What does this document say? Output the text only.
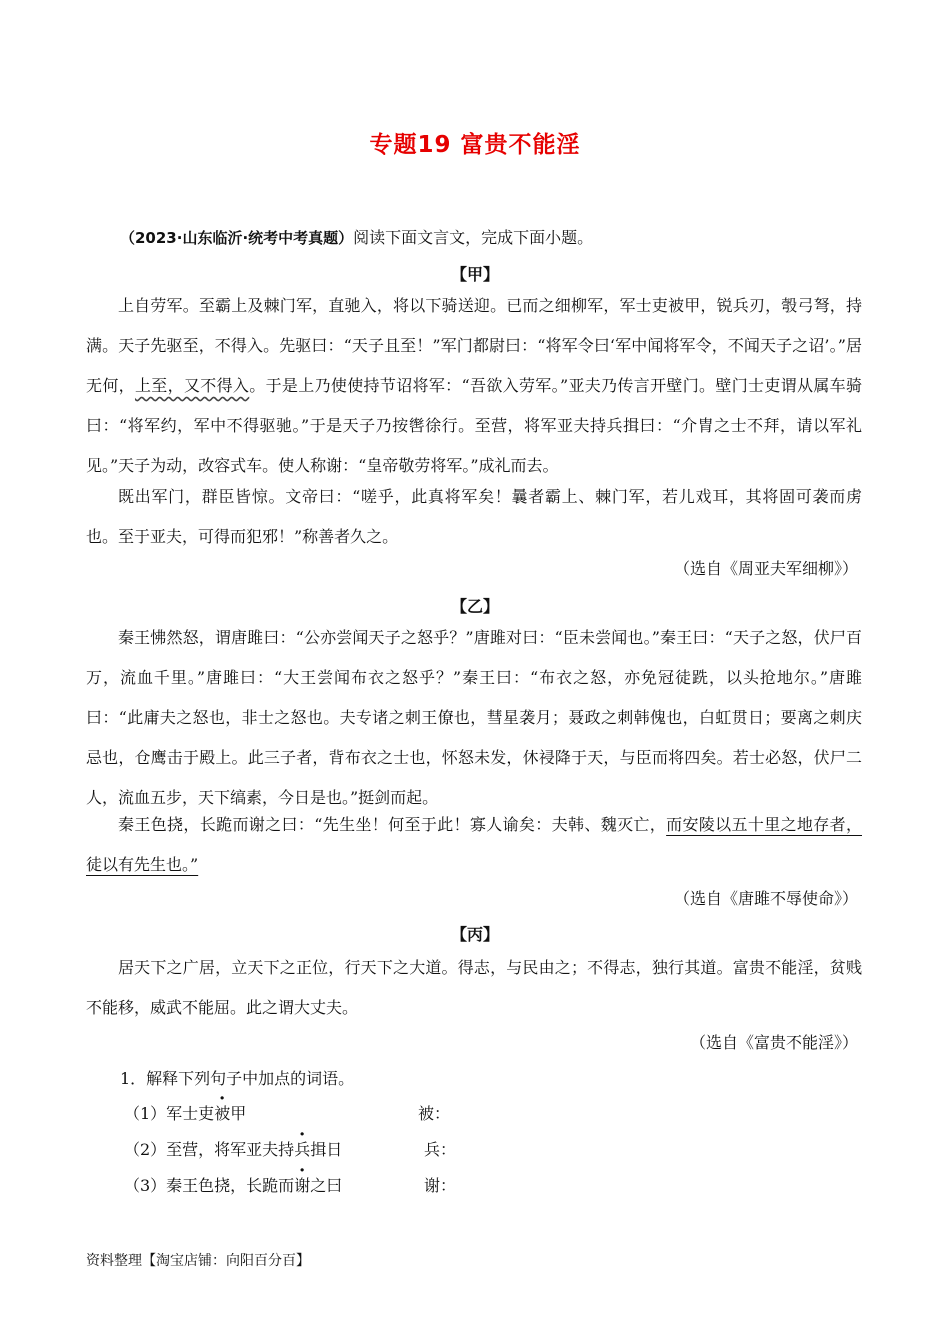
专题19 富贵不能淫
（2023·山东临沂·统考中考真题）阅读下面文言文，完成下面小题。
【甲】
上自劳军。至霸上及棘门军，直驰入，将以下骑送迎。已而之细柳军，军士吏被甲，锐兵刃，彀弓弩，持满。天子先驱至，不得入。先驱曰：“天子且至！”军门都尉曰：“将军令曰‘军中闻将军令，不闻天子之诏’。”居无何，上至，又不得入。于是上乃使使持节诏将军：“吾欲入劳军。”亚夫乃传言开壁门。壁门士吏谓从属车骑曰：“将军约，军中不得驱驰。”于是天子乃按辔徐行。至营，将军亚夫持兵揖曰：“介胄之士不拜，请以军礼见。”天子为动，改容式车。使人称谢：“皇帝敬劳将军。”成礼而去。
既出军门，群臣皆惊。文帝曰：“嗟乎，此真将军矣！曩者霸上、棘门军，若儿戏耳，其将固可袭而虏也。至于亚夫，可得而犯邪！”称善者久之。
（选自《周亚夫军细柳》）
【乙】
秦王怫然怒，谓唐雎曰：“公亦尝闻天子之怒乎？”唐雎对曰：“臣未尝闻也。”秦王曰：“天子之怒，伏尸百万，流血千里。”唐雎曰：“大王尝闻布衣之怒乎？”秦王曰：“布衣之怒，亦免冠徒跣，以头抢地尔。”唐雎曰：“此庸夫之怒也，非士之怒也。夫专诸之刺王僚也，彗星袭月；聂政之刺韩傀也，白虹贯日；要离之刺庆忌也，仓鹰击于殿上。此三子者，背布衣之士也，怀怒未发，休祲降于天，与臣而将四矣。若士必怒，伏尸二人，流血五步，天下缟素，今日是也。”挺剑而起。
秦王色挠，长跪而谢之曰：“先生坐！何至于此！寡人谕矣：夫韩、魏灭亡，而安陵以五十里之地存者，徒以有先生也。”
（选自《唐雎不辱使命》）
【丙】
居天下之广居，立天下之正位，行天下之大道。得志，与民由之；不得志，独行其道。富贵不能淫，贫贱不能移，威武不能屈。此之谓大丈夫。
（选自《富贵不能淫》）
1．解释下列句子中加点的词语。
（1）军士吏被甲	被：
（2）至营，将军亚夫持兵揖日	兵：
（3）秦王色挠，长跪而谢之曰	谢：
资料整理【淘宝店铺：向阳百分百】
